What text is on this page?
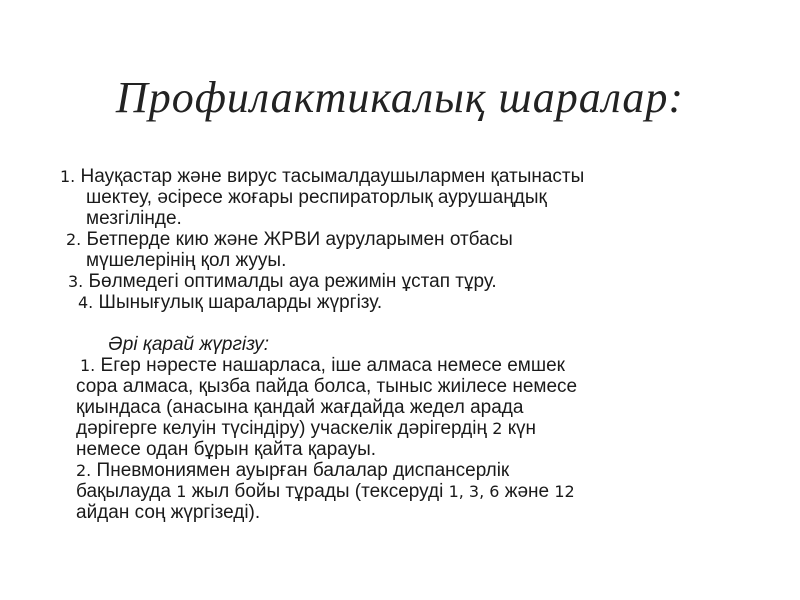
Профилактикалық шаралар:

1. Науқастар және вирус тасымалдаушылармен қатынасты

шектеу, әсіресе жоғары респираторлық аурушаңдық

мезгілінде.

2. Бетперде кию және ЖРВИ ауруларымен отбасы

мүшелерінің қол жууы.

3. Бөлмедегі оптималды ауа режимін ұстап тұру.

4. Шынығулық шараларды жүргізу.

Әрі қарай жүргізу:

1. Егер нәресте нашарласа, іше алмаса немесе емшек

сора алмаса, қызба пайда болса, тыныс жиілесе немесе

қиындаса (анасына қандай жағдайда жедел арада

дәрігерге келуін түсіндіру) учаскелік дәрігердің 2 күн

немесе одан бұрын қайта қарауы.

2. Пневмониямен ауырған балалар диспансерлік

бақылауда 1 жыл бойы тұрады (тексеруді 1, 3, 6 және 12

айдан соң жүргізеді).
